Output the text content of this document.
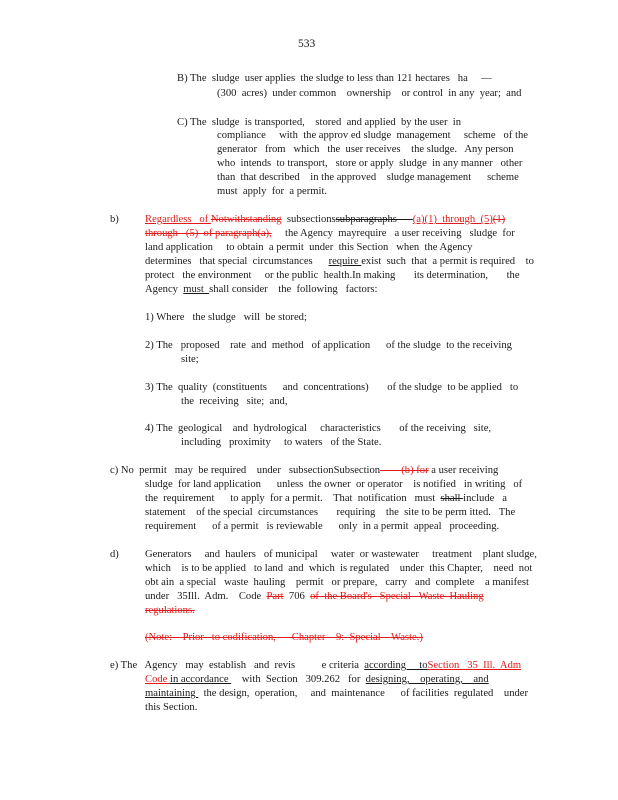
533
B) The  sludge  user applies  the sludge to less than 121 hectares   ha     —
(300  acres)  under common    ownership    or control  in any  year;  and
C) The  sludge  is transported,    stored  and applied  by the user  in
compliance     with  the approv ed sludge  management     scheme   of the
generator   from   which   the  user receives    the sludge.   Any person
who  intends  to transport,   store or apply  sludge  in any manner   other
than  that described    in the approved    sludge management      scheme
must  apply  for  a permit.
b) Regardless   of Notwithstanding  subsectionssubparagraphs      (a)(1)  through  (5)(1)
through   (5)  of paragraph(a),     the Agency  mayrequire   a user receiving   sludge  for
land application     to obtain  a permit  under  this Section   when  the Agency
determines   that special  circumstances      require exist  such  that  a permit is required    to
protect   the environment     or the public  health.In making       its determination,       the
Agency  must  shall consider    the  following   factors:
1) Where   the sludge   will  be stored;
2) The   proposed    rate  and  method   of application      of the sludge  to the receiving
site;
3) The  quality  (constituents      and  concentrations)       of the sludge  to be applied   to
the  receiving   site;  and,
4) The  geological    and  hydrological     characteristics       of the receiving   site,
including   proximity     to waters   of the State.
c) No  permit   may  be required    under   subsectionSubsection        (b) for a user receiving
sludge  for land application      unless  the owner  or operator    is notified   in writing   of
the  requirement      to apply  for a permit.    That  notification   must  shall include   a
statement    of the special  circumstances       requiring    the  site to be perm itted.   The
requirement      of a permit   is reviewable      only  in a permit  appeal   proceeding.
d) Generators     and  haulers   of municipal     water  or wastewater     treatment    plant sludge,
which    is to be applied   to land  and  which  is regulated    under  this Chapter,    need  not
obt ain  a special   waste  hauling    permit   or prepare,   carry   and  complete    a manifest
under   35Ill.  Adm.    Code  Part  706  of  the Board's   Special   Waste  Hauling
regulations.
(Note:    Prior   to codification,      Chapter    9:  Special    Waste.)
e) The   Agency   may  establish   and  revis          e criteria  according     toSection   35  Ill.  Adm
Code in accordance     with  Section   309.262   for  designing,    operating,    and
maintaining   the design,  operation,     and  maintenance      of facilities  regulated    under
this Section.
